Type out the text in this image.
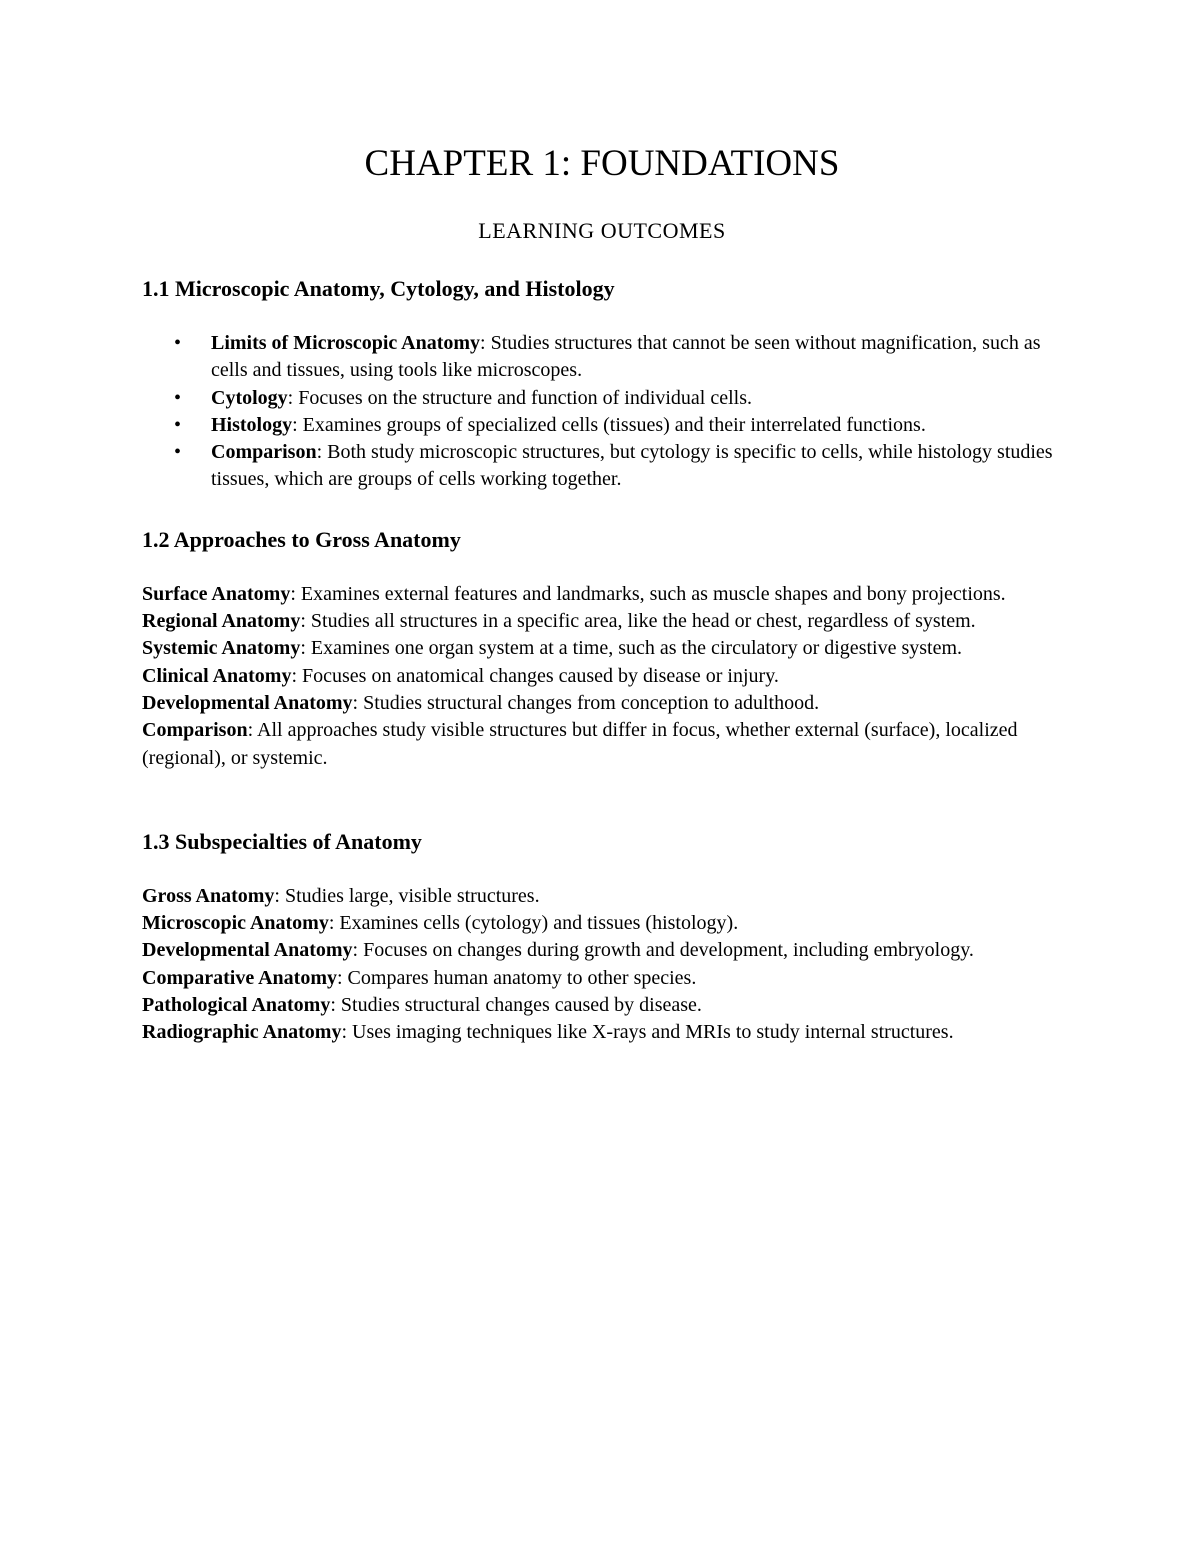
CHAPTER 1: FOUNDATIONS
LEARNING OUTCOMES
1.1 Microscopic Anatomy, Cytology, and Histology
• Limits of Microscopic Anatomy: Studies structures that cannot be seen without magnification, such as cells and tissues, using tools like microscopes.
• Cytology: Focuses on the structure and function of individual cells.
• Histology: Examines groups of specialized cells (tissues) and their interrelated functions.
• Comparison: Both study microscopic structures, but cytology is specific to cells, while histology studies tissues, which are groups of cells working together.
1.2 Approaches to Gross Anatomy

Surface Anatomy: Examines external features and landmarks, such as muscle shapes and bony projections.

Regional Anatomy: Studies all structures in a specific area, like the head or chest, regardless of system.

Systemic Anatomy: Examines one organ system at a time, such as the circulatory or digestive system.

Clinical Anatomy: Focuses on anatomical changes caused by disease or injury.

Developmental Anatomy: Studies structural changes from conception to adulthood.

Comparison: All approaches study visible structures but differ in focus, whether external (surface), localized (regional), or systemic.

1.3 Subspecialties of Anatomy

Gross Anatomy: Studies large, visible structures.

Microscopic Anatomy: Examines cells (cytology) and tissues (histology).

Developmental Anatomy: Focuses on changes during growth and development, including embryology.

Comparative Anatomy: Compares human anatomy to other species.

Pathological Anatomy: Studies structural changes caused by disease.

Radiographic Anatomy: Uses imaging techniques like X-rays and MRIs to study internal structures.
